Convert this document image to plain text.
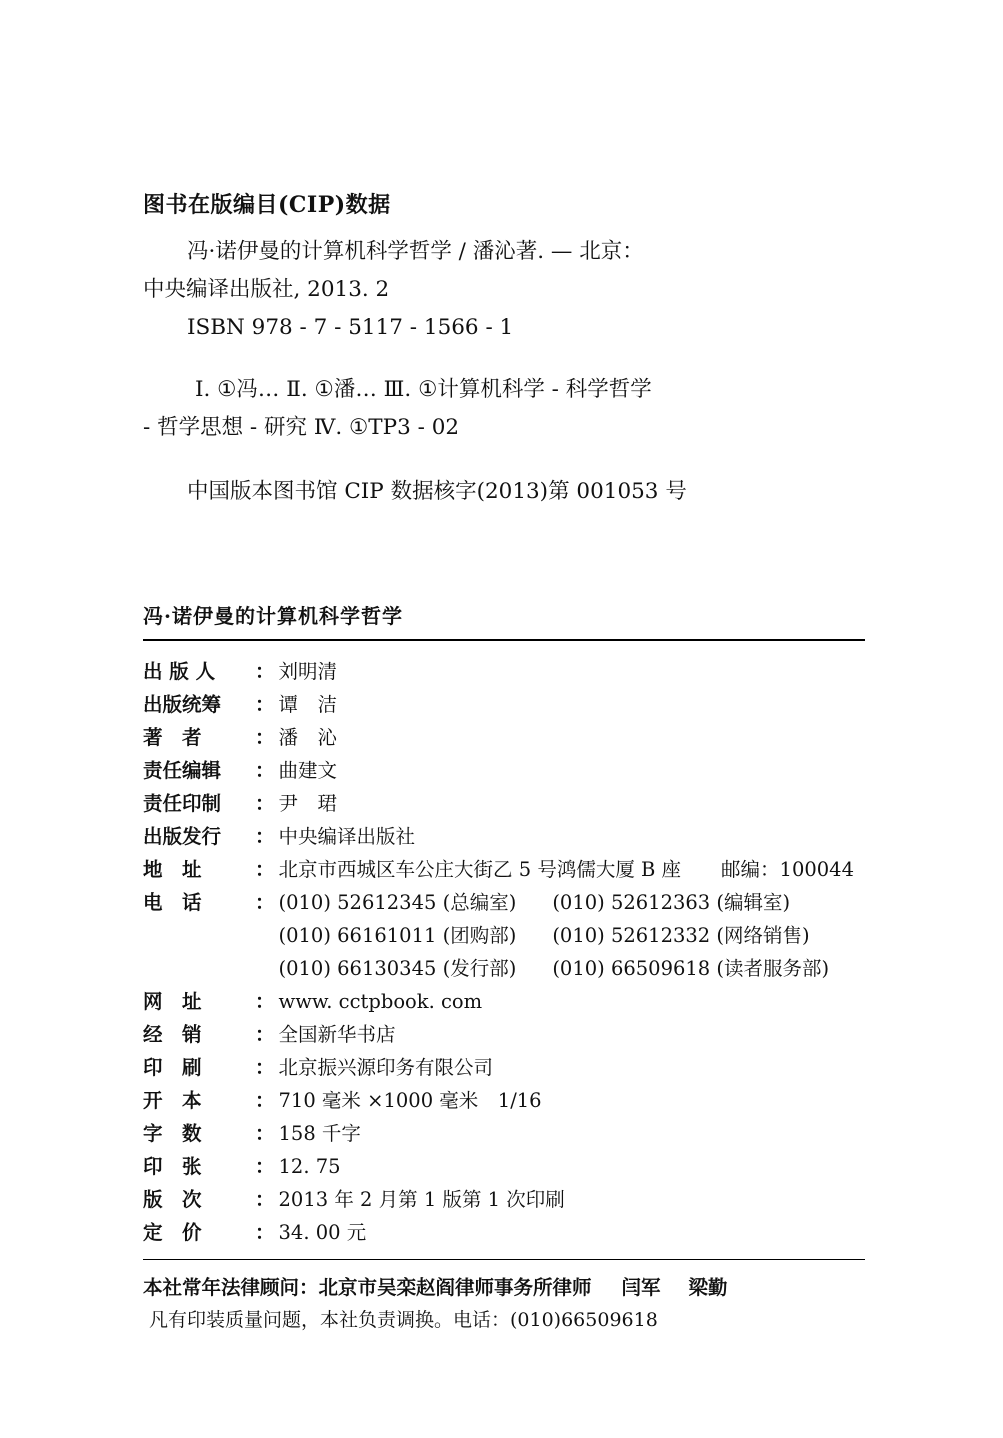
图书在版编目(CIP)数据
冯·诺伊曼的计算机科学哲学 / 潘沁著. — 北京：
中央编译出版社, 2013. 2
ISBN 978 - 7 - 5117 - 1566 - 1
I. ①冯… Ⅱ. ①潘… Ⅲ. ①计算机科学 - 科学哲学
- 哲学思想 - 研究 Ⅳ. ①TP3 - 02
中国版本图书馆 CIP 数据核字(2013)第 001053 号
冯·诺伊曼的计算机科学哲学
出 版 人	： 刘明清
出版统筹	： 谭　洁
著　者	： 潘　沁
责任编辑	： 曲建文
责任印制	： 尹　珺
出版发行	： 中央编译出版社
地　址	： 北京市西城区车公庄大街乙 5 号鸿儒大厦 B 座 邮编：100044
电　话	： (010) 52612345 (总编室) (010) 52612363 (编辑室)
(010) 66161011 (团购部) (010) 52612332 (网络销售)
(010) 66130345 (发行部) (010) 66509618 (读者服务部)
网　址	： www. cctpbook. com
经　销	： 全国新华书店
印　刷	： 北京振兴源印务有限公司
开　本	： 710 毫米 ×1000 毫米　1/16
字　数	： 158 千字
印　张	： 12. 75
版　次	： 2013 年 2 月第 1 版第 1 次印刷
定　价	： 34. 00 元
本社常年法律顾问：北京市吴栾赵阎律师事务所律师 闫军 梁勤
凡有印装质量问题，本社负责调换。电话：(010)66509618
